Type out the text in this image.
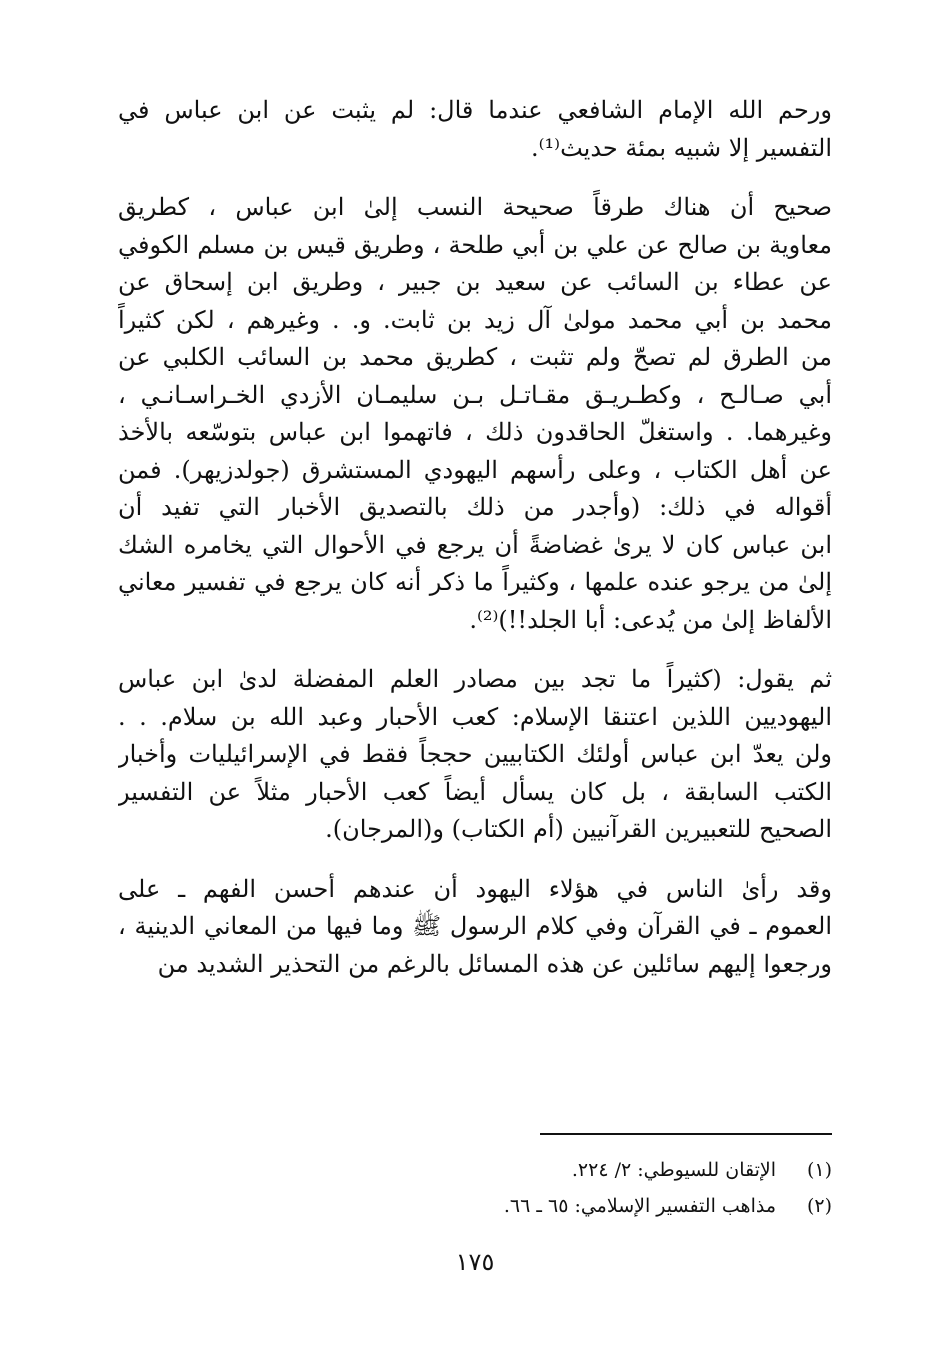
ورحم الله الإمام الشافعي عندما قال: لم يثبت عن ابن عباس في
التفسير إلا شبيه بمئة حديث⁽¹⁾.

صحيح أن هناك طرقاً صحيحة النسب إلىٰ ابن عباس ، كطريق
معاوية بن صالح عن علي بن أبي طلحة ، وطريق قيس بن مسلم الكوفي
عن عطاء بن السائب عن سعيد بن جبير ، وطريق ابن إسحاق عن
محمد بن أبي محمد مولىٰ آل زيد بن ثابت. و. . وغيرهم ، لكن كثيراً
من الطرق لم تصحّ ولم تثبت ، كطريق محمد بن السائب الكلبي عن
أبي صـالـح ، وكطـريـق مقـاتـل بـن سليمـان الأزدي الخـراسـانـي ،
وغيرهما. . واستغلّ الحاقدون ذلك ، فاتهموا ابن عباس بتوسّعه بالأخذ
عن أهل الكتاب ، وعلى رأسهم اليهودي المستشرق (جولدزيهر). فمن
أقواله في ذلك: (وأجدر من ذلك بالتصديق الأخبار التي تفيد أن
ابن عباس كان لا يرىٰ غضاضةً أن يرجع في الأحوال التي يخامره الشك
إلىٰ من يرجو عنده علمها ، وكثيراً ما ذكر أنه كان يرجع في تفسير معاني
الألفاظ إلىٰ من يُدعى: أبا الجلد!!)⁽²⁾.

ثم يقول: (كثيراً ما تجد بين مصادر العلم المفضلة لدىٰ ابن عباس
اليهوديين اللذين اعتنقا الإسلام: كعب الأحبار وعبد الله بن سلام. . .
ولن يعدّ ابن عباس أولئك الكتابيين حججاً فقط في الإسرائيليات وأخبار
الكتب السابقة ، بل كان يسأل أيضاً كعب الأحبار مثلاً عن التفسير
الصحيح للتعبيرين القرآنيين (أم الكتاب) و(المرجان).

وقد رأىٰ الناس في هؤلاء اليهود أن عندهم أحسن الفهم ـ على
العموم ـ في القرآن وفي كلام الرسول ﷺ وما فيها من المعاني الدينية ،
ورجعوا إليهم سائلين عن هذه المسائل بالرغم من التحذير الشديد من

(١)
الإتقان للسيوطي: ٢/ ٢٢٤.
(٢)
مذاهب التفسير الإسلامي: ٦٥ ـ ٦٦.
١٧٥
